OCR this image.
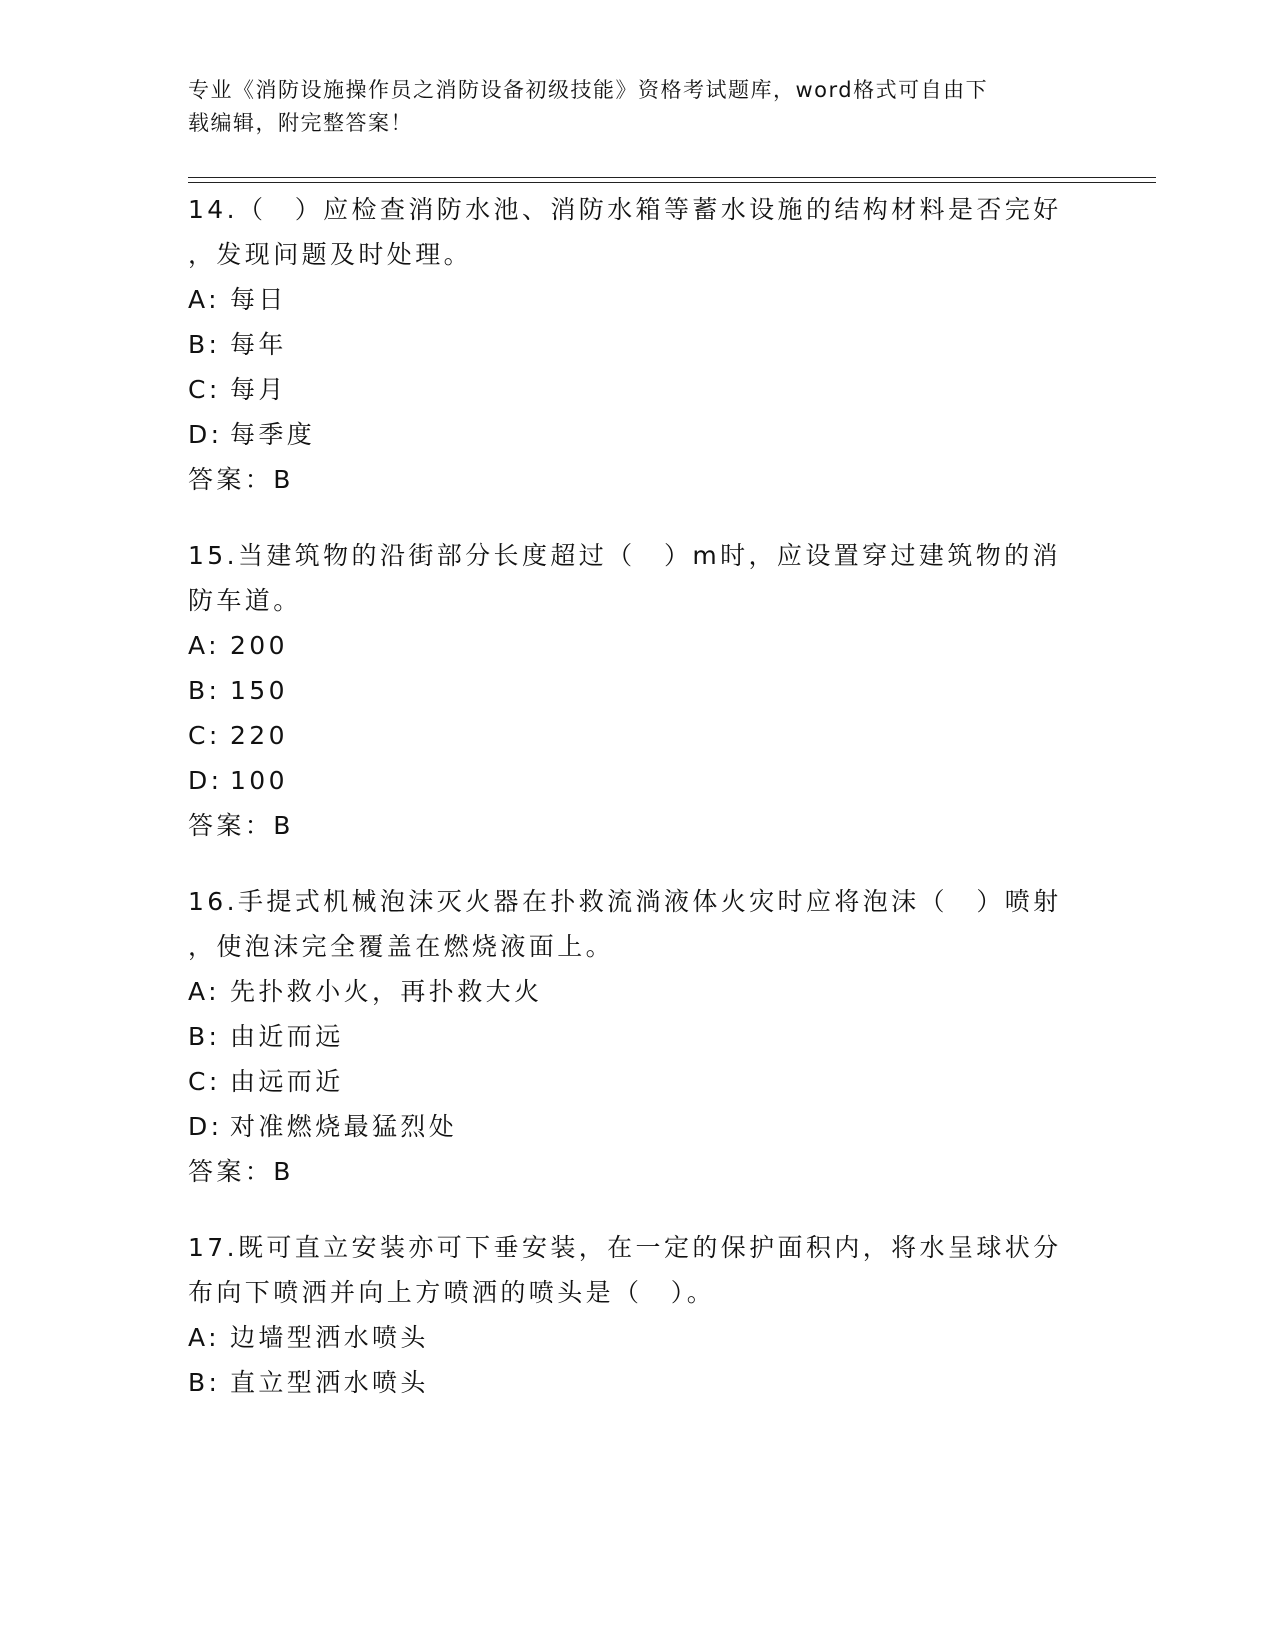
专业《消防设施操作员之消防设备初级技能》资格考试题库，word格式可自由下
载编辑，附完整答案！
14.（　）应检查消防水池、消防水箱等蓄水设施的结构材料是否完好
，发现问题及时处理。
A: 每日
B: 每年
C: 每月
D: 每季度
答案：B
15.当建筑物的沿街部分长度超过（　）m时，应设置穿过建筑物的消
防车道。
A: 200
B: 150
C: 220
D: 100
答案：B
16.手提式机械泡沫灭火器在扑救流淌液体火灾时应将泡沫（　）喷射
，使泡沫完全覆盖在燃烧液面上。
A: 先扑救小火，再扑救大火
B: 由近而远
C: 由远而近
D: 对准燃烧最猛烈处
答案：B
17.既可直立安装亦可下垂安装，在一定的保护面积内，将水呈球状分
布向下喷洒并向上方喷洒的喷头是（　）。
A: 边墙型洒水喷头
B: 直立型洒水喷头
